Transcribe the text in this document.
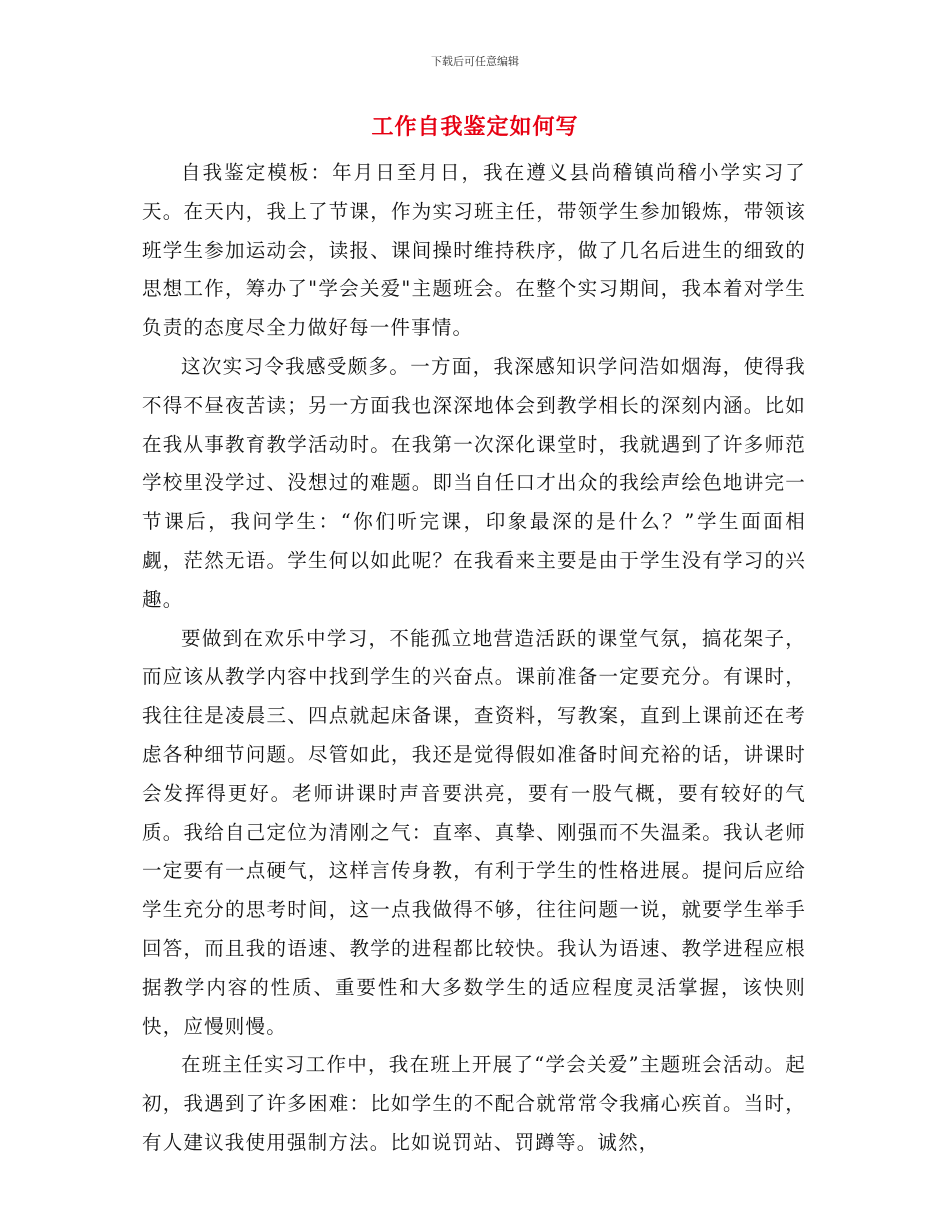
下载后可任意编辑
工作自我鉴定如何写

自我鉴定模板：年月日至月日，我在遵义县尚稽镇尚稽小学实习了天。在天内，我上了节课，作为实习班主任，带领学生参加锻炼，带领该班学生参加运动会，读报、课间操时维持秩序，做了几名后进生的细致的思想工作，筹办了"学会关爱"主题班会。在整个实习期间，我本着对学生负责的态度尽全力做好每一件事情。

这次实习令我感受颇多。一方面，我深感知识学问浩如烟海，使得我不得不昼夜苦读；另一方面我也深深地体会到教学相长的深刻内涵。比如在我从事教育教学活动时。在我第一次深化课堂时，我就遇到了许多师范学校里没学过、没想过的难题。即当自任口才出众的我绘声绘色地讲完一节课后，我问学生：“你们听完课，印象最深的是什么？”学生面面相觑，茫然无语。学生何以如此呢？在我看来主要是由于学生没有学习的兴趣。

要做到在欢乐中学习，不能孤立地营造活跃的课堂气氛，搞花架子，而应该从教学内容中找到学生的兴奋点。课前准备一定要充分。有课时，我往往是凌晨三、四点就起床备课，查资料，写教案，直到上课前还在考虑各种细节问题。尽管如此，我还是觉得假如准备时间充裕的话，讲课时会发挥得更好。老师讲课时声音要洪亮，要有一股气概，要有较好的气质。我给自己定位为清刚之气：直率、真挚、刚强而不失温柔。我认老师一定要有一点硬气，这样言传身教，有利于学生的性格进展。提问后应给学生充分的思考时间，这一点我做得不够，往往问题一说，就要学生举手回答，而且我的语速、教学的进程都比较快。我认为语速、教学进程应根据教学内容的性质、重要性和大多数学生的适应程度灵活掌握，该快则快，应慢则慢。

在班主任实习工作中，我在班上开展了“学会关爱”主题班会活动。起初，我遇到了许多困难：比如学生的不配合就常常令我痛心疾首。当时，有人建议我使用强制方法。比如说罚站、罚蹲等。诚然，
